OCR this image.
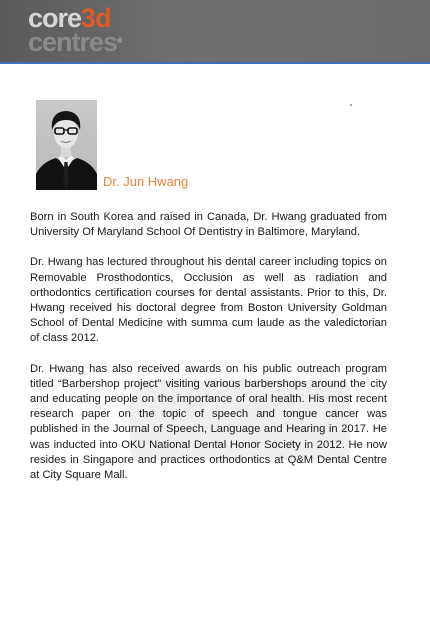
core3d
centres®
Dr. Jun Hwang

Born in South Korea and raised in Canada, Dr. Hwang graduated from University Of Maryland School Of Dentistry in Baltimore, Maryland.

Dr. Hwang has lectured throughout his dental career including topics on Removable Prosthodontics, Occlusion as well as radiation and orthodontics certification courses for dental assistants. Prior to this, Dr. Hwang received his doctoral degree from Boston University Goldman School of Dental Medicine with summa cum laude as the valedictorian of class 2012.

Dr. Hwang has also received awards on his public outreach program titled “Barbershop project” visiting various barbershops around the city and educating people on the importance of oral health. His most recent research paper on the topic of speech and tongue cancer was published in the Journal of Speech, Language and Hearing in 2017. He was inducted into OKU National Dental Honor Society in 2012. He now resides in Singapore and practices orthodontics at Q&M Dental Centre at City Square Mall.
